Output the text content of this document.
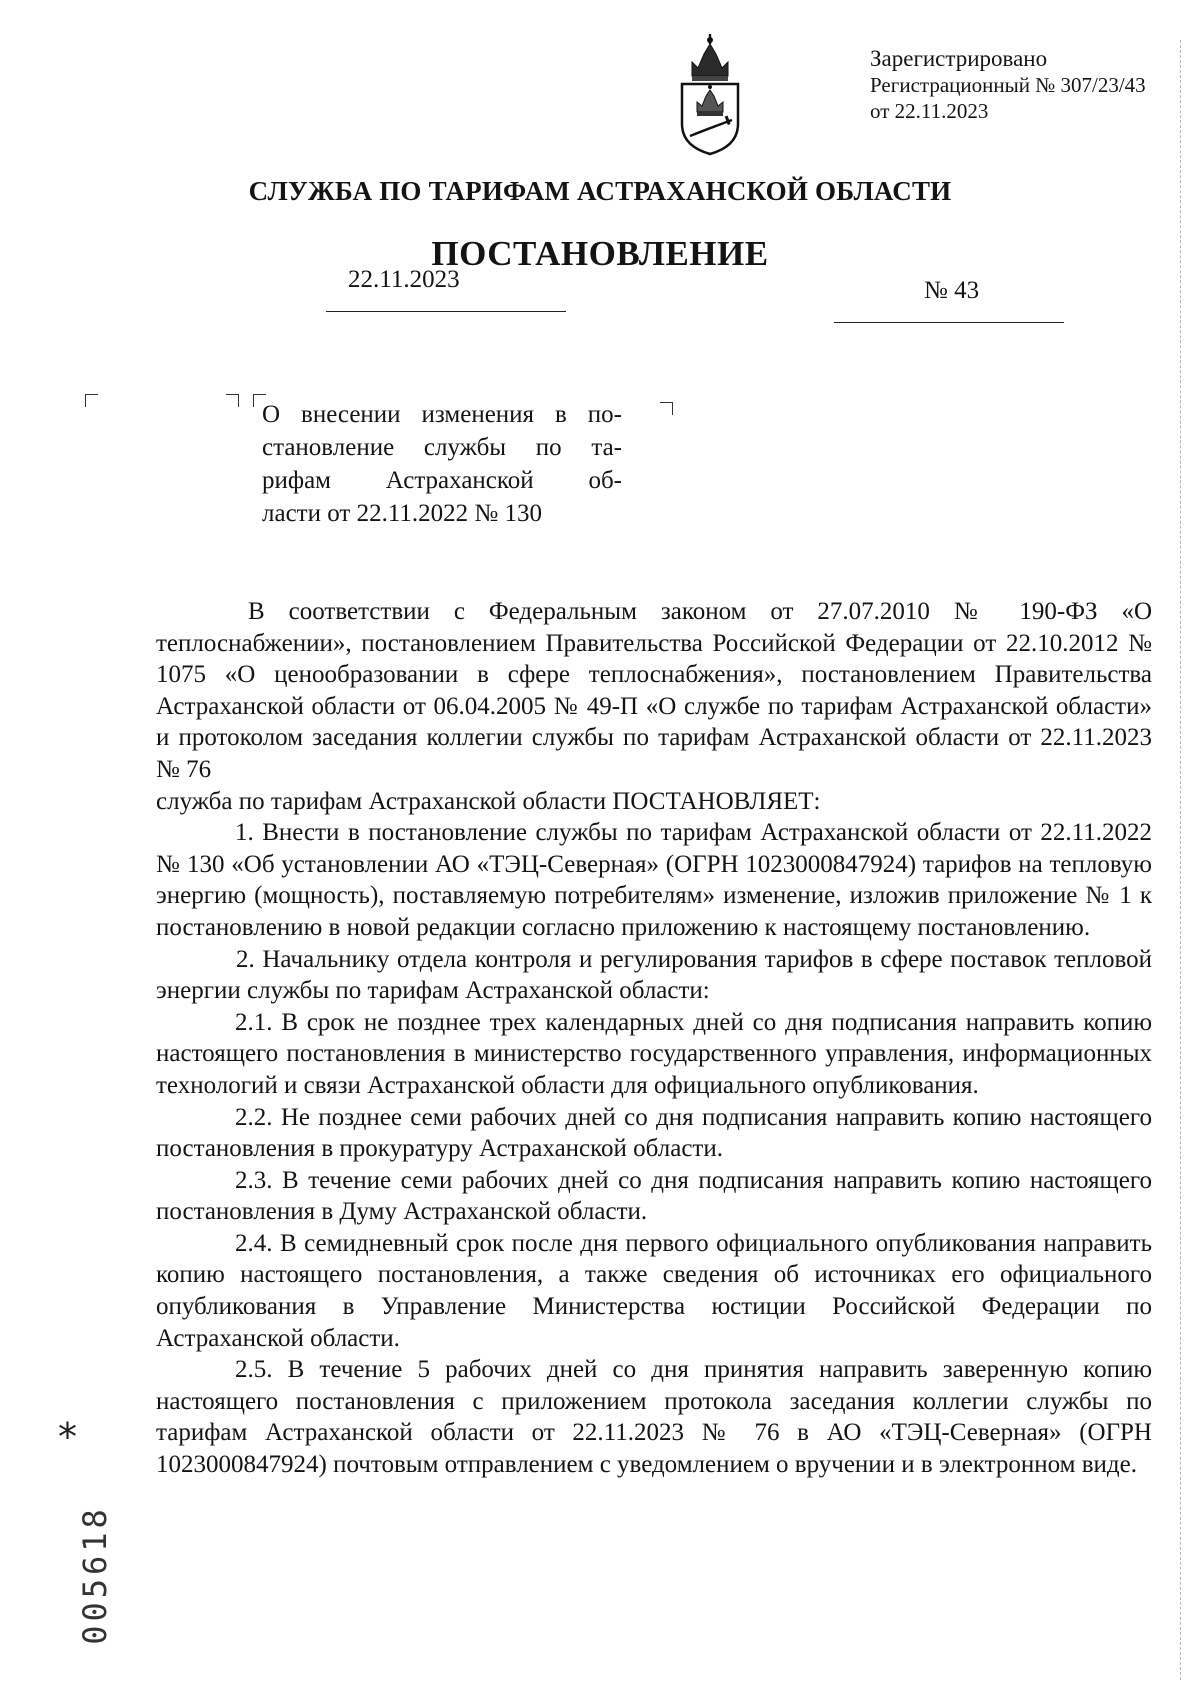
Зарегистрировано
Регистрационный № 307/23/43
от 22.11.2023
СЛУЖБА ПО ТАРИФАМ АСТРАХАНСКОЙ ОБЛАСТИ
ПОСТАНОВЛЕНИЕ
22.11.2023	№ 43
О внесении изменения в по-
становление службы по та-
рифам Астраханской об-
ласти от 22.11.2022 № 130

В соответствии с Федеральным законом от 27.07.2010 № 190-ФЗ «О теплоснабжении», постановлением Правительства Российской Федерации от 22.10.2012 № 1075 «О ценообразовании в сфере теплоснабжения», постановлением Правительства Астраханской области от 06.04.2005 № 49-П «О службе по тарифам Астраханской области» и протоколом заседания коллегии службы по тарифам Астраханской области от 22.11.2023 № 76

служба по тарифам Астраханской области ПОСТАНОВЛЯЕТ:

1. Внести в постановление службы по тарифам Астраханской области от 22.11.2022 № 130 «Об установлении АО «ТЭЦ-Северная» (ОГРН 1023000847924) тарифов на тепловую энергию (мощность), поставляемую потребителям» изменение, изложив приложение № 1 к постановлению в новой редакции согласно приложению к настоящему постановлению.

2. Начальнику отдела контроля и регулирования тарифов в сфере поставок тепловой энергии службы по тарифам Астраханской области:

2.1. В срок не позднее трех календарных дней со дня подписания направить копию настоящего постановления в министерство государственного управления, информационных технологий и связи Астраханской области для официального опубликования.

2.2. Не позднее семи рабочих дней со дня подписания направить копию настоящего постановления в прокуратуру Астраханской области.

2.3. В течение семи рабочих дней со дня подписания направить копию настоящего постановления в Думу Астраханской области.

2.4. В семидневный срок после дня первого официального опубликования направить копию настоящего постановления, а также сведения об источниках его официального опубликования в Управление Министерства юстиции Российской Федерации по Астраханской области.

2.5. В течение 5 рабочих дней со дня принятия направить заверенную копию настоящего постановления с приложением протокола заседания коллегии службы по тарифам Астраханской области от 22.11.2023 № 76 в АО «ТЭЦ-Северная» (ОГРН 1023000847924) почтовым отправлением с уведомлением о вручении и в электронном виде.

*
005618
